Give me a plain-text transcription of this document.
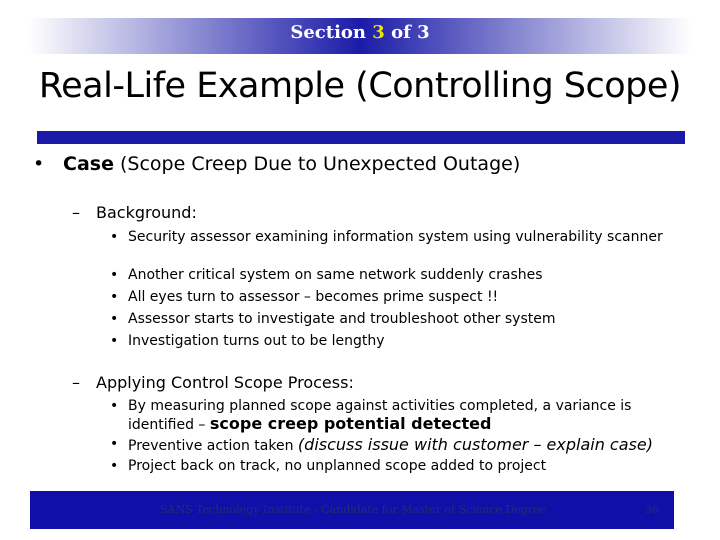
Section 3 of 3
Real-Life Example (Controlling Scope)
• Case (Scope Creep Due to Unexpected Outage)
– Background:
• Security assessor examining information system using vulnerability scanner
• Another critical system on same network suddenly crashes
• All eyes turn to assessor – becomes prime suspect !!
• Assessor starts to investigate and troubleshoot other system
• Investigation turns out to be lengthy
– Applying Control Scope Process:
• By measuring planned scope against activities completed, a variance is identified – scope creep potential detected
• Preventive action taken (discuss issue with customer – explain case)
• Project back on track, no unplanned scope added to project
SANS Technology Institute - Candidate for Master of Science Degree	36
